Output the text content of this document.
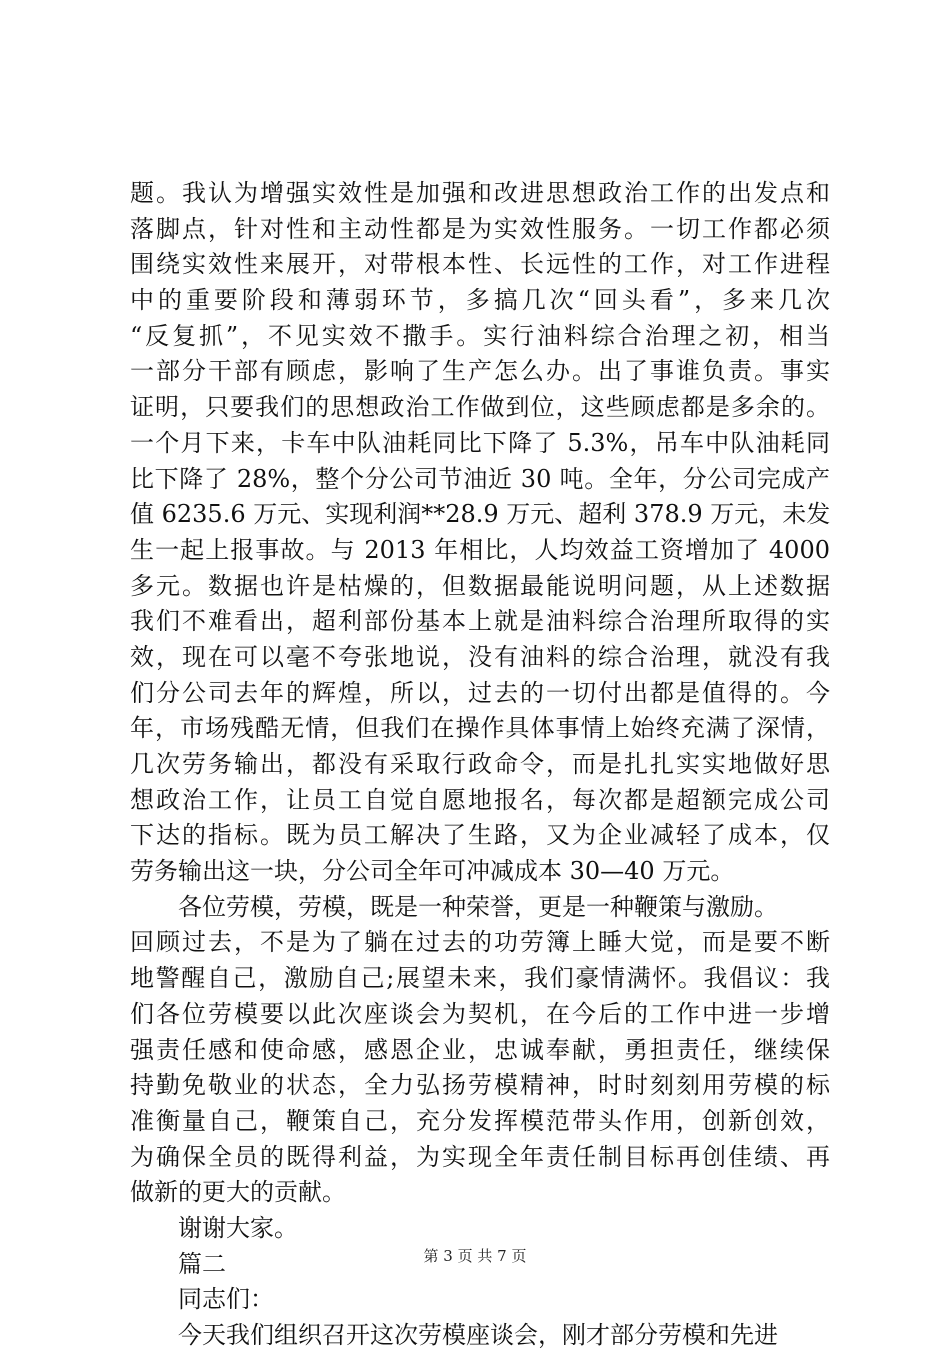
题。我认为增强实效性是加强和改进思想政治工作的出发点和
落脚点，针对性和主动性都是为实效性服务。一切工作都必须
围绕实效性来展开，对带根本性、长远性的工作，对工作进程
中的重要阶段和薄弱环节，多搞几次“回头看”，多来几次
“反复抓”，不见实效不撒手。实行油料综合治理之初，相当
一部分干部有顾虑，影响了生产怎么办。出了事谁负责。事实
证明，只要我们的思想政治工作做到位，这些顾虑都是多余的。
一个月下来，卡车中队油耗同比下降了 5.3%，吊车中队油耗同
比下降了 28%，整个分公司节油近 30 吨。全年，分公司完成产
值 6235.6 万元、实现利润**28.9 万元、超利 378.9 万元，未发
生一起上报事故。与 2013 年相比，人均效益工资增加了 4000
多元。数据也许是枯燥的，但数据最能说明问题，从上述数据
我们不难看出，超利部份基本上就是油料综合治理所取得的实
效，现在可以毫不夸张地说，没有油料的综合治理，就没有我
们分公司去年的辉煌，所以，过去的一切付出都是值得的。今
年，市场残酷无情，但我们在操作具体事情上始终充满了深情，
几次劳务输出，都没有采取行政命令，而是扎扎实实地做好思
想政治工作，让员工自觉自愿地报名，每次都是超额完成公司
下达的指标。既为员工解决了生路，又为企业减轻了成本，仅
劳务输出这一块，分公司全年可冲减成本 30—40 万元。
各位劳模，劳模，既是一种荣誉，更是一种鞭策与激励。
回顾过去，不是为了躺在过去的功劳簿上睡大觉，而是要不断
地警醒自己，激励自己;展望未来，我们豪情满怀。我倡议：我
们各位劳模要以此次座谈会为契机，在今后的工作中进一步增
强责任感和使命感，感恩企业，忠诚奉献，勇担责任，继续保
持勤免敬业的状态，全力弘扬劳模精神，时时刻刻用劳模的标
准衡量自己，鞭策自己，充分发挥模范带头作用，创新创效，
为确保全员的既得利益，为实现全年责任制目标再创佳绩、再
做新的更大的贡献。
谢谢大家。
篇二
同志们：
今天我们组织召开这次劳模座谈会，刚才部分劳模和先进
第 3 页 共 7 页
